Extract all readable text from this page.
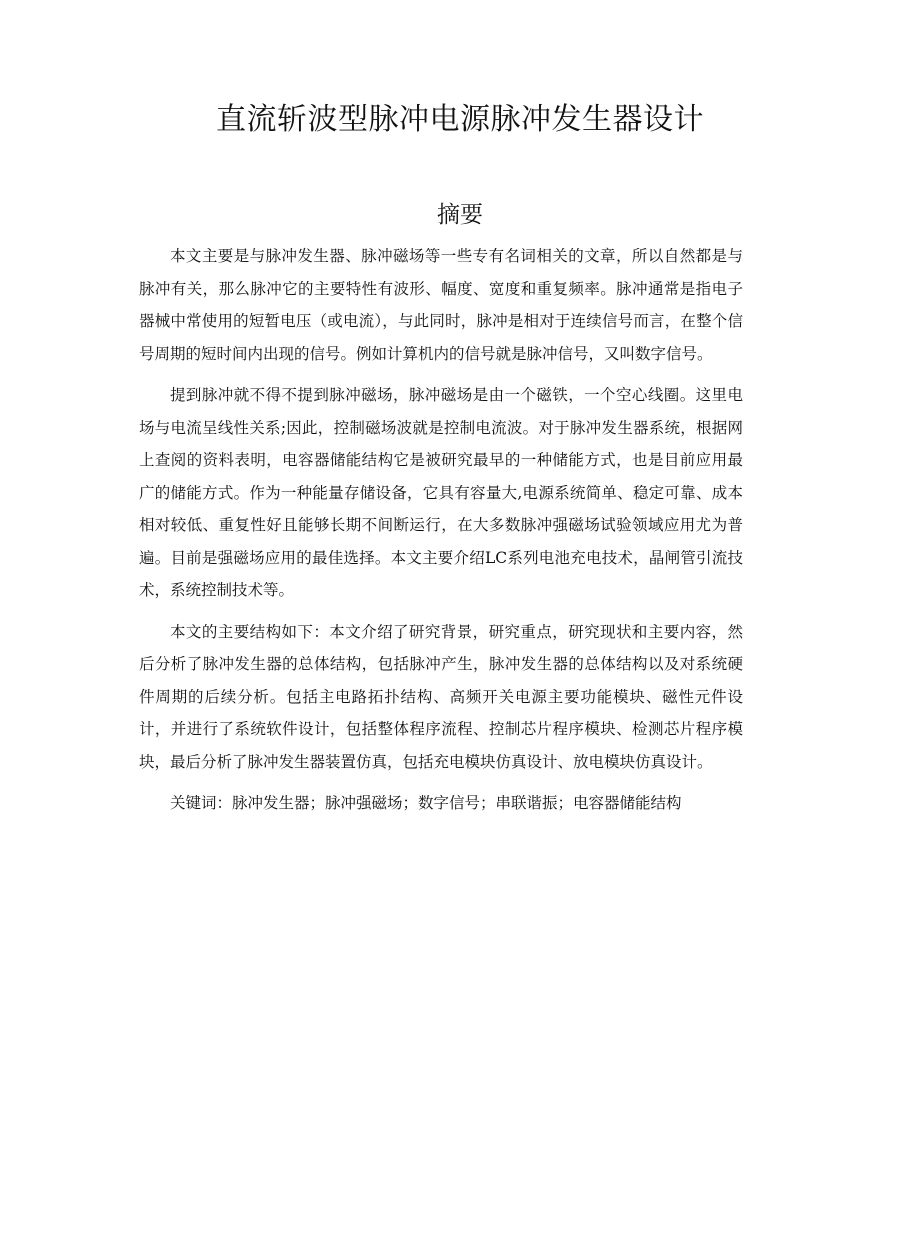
直流斩波型脉冲电源脉冲发生器设计
摘要

本文主要是与脉冲发生器、脉冲磁场等一些专有名词相关的文章，所以自然都是与脉冲有关，那么脉冲它的主要特性有波形、幅度、宽度和重复频率。脉冲通常是指电子器械中常使用的短暂电压（或电流），与此同时，脉冲是相对于连续信号而言，在整个信号周期的短时间内出现的信号。例如计算机内的信号就是脉冲信号，又叫数字信号。

提到脉冲就不得不提到脉冲磁场，脉冲磁场是由一个磁铁，一个空心线圈。这里电场与电流呈线性关系;因此，控制磁场波就是控制电流波。对于脉冲发生器系统，根据网上查阅的资料表明，电容器储能结构它是被研究最早的一种储能方式，也是目前应用最广的储能方式。作为一种能量存储设备，它具有容量大,电源系统简单、稳定可靠、成本相对较低、重复性好且能够长期不间断运行，在大多数脉冲强磁场试验领域应用尤为普遍。目前是强磁场应用的最佳选择。本文主要介绍LC系列电池充电技术，晶闸管引流技术，系统控制技术等。

本文的主要结构如下：本文介绍了研究背景，研究重点，研究现状和主要内容，然后分析了脉冲发生器的总体结构，包括脉冲产生，脉冲发生器的总体结构以及对系统硬件周期的后续分析。包括主电路拓扑结构、高频开关电源主要功能模块、磁性元件设计，并进行了系统软件设计，包括整体程序流程、控制芯片程序模块、检测芯片程序模块，最后分析了脉冲发生器装置仿真，包括充电模块仿真设计、放电模块仿真设计。

关键词：脉冲发生器；脉冲强磁场；数字信号；串联谐振；电容器储能结构
